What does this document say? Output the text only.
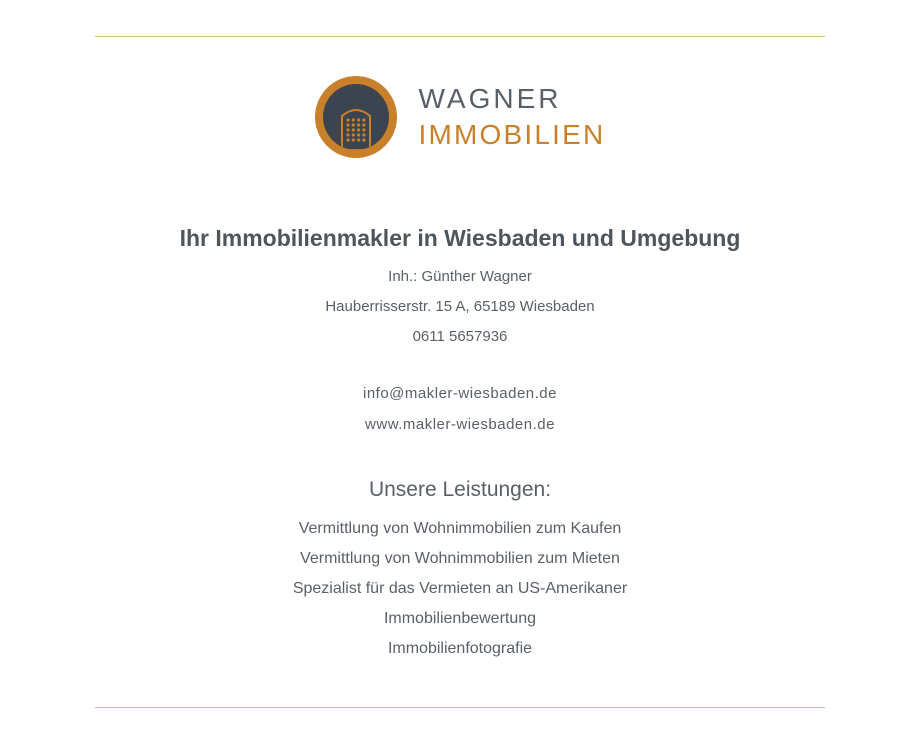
WAGNER
IMMOBILIEN
Ihr Immobilienmakler in Wiesbaden und Umgebung
Inh.: Günther Wagner
Hauberrisserstr. 15 A, 65189 Wiesbaden
0611 5657936
info@makler-wiesbaden.de
www.makler-wiesbaden.de
Unsere Leistungen:
Vermittlung von Wohnimmobilien zum Kaufen
Vermittlung von Wohnimmobilien zum Mieten
Spezialist für das Vermieten an US-Amerikaner
Immobilienbewertung
Immobilienfotografie
